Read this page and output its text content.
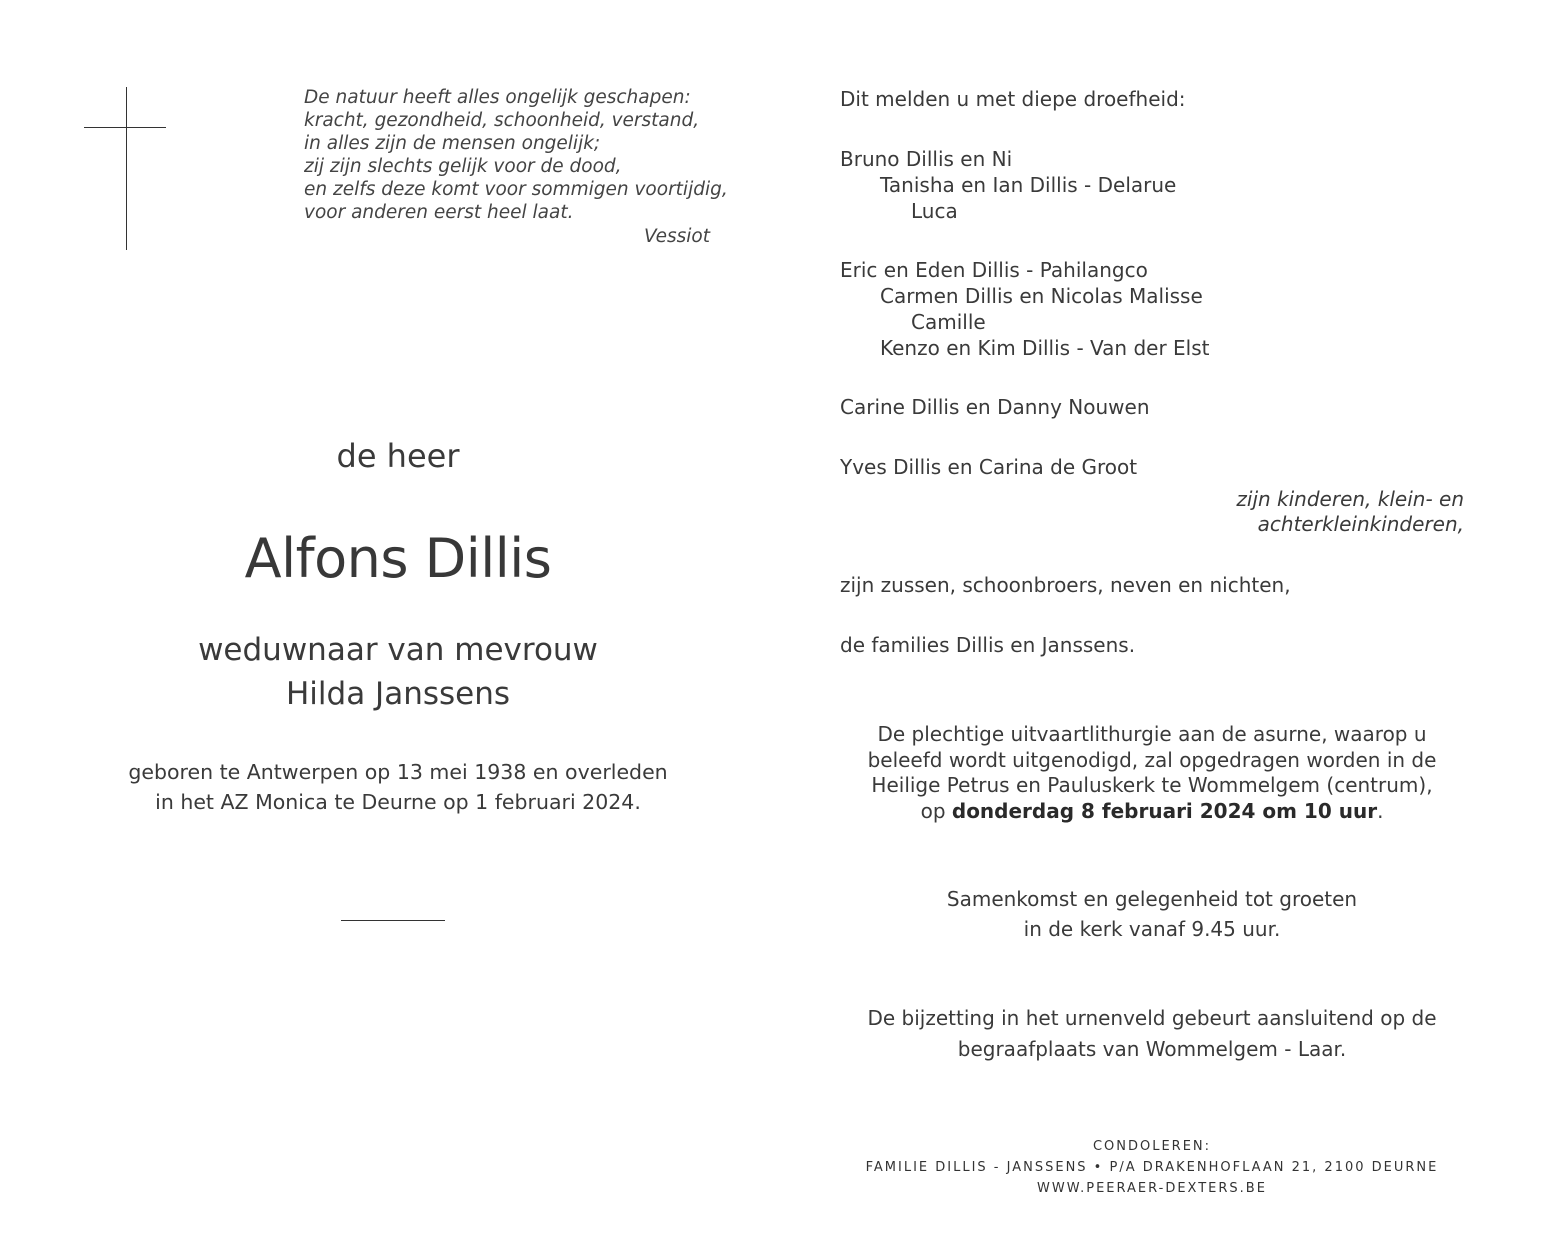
De natuur heeft alles ongelijk geschapen:
kracht, gezondheid, schoonheid, verstand,
in alles zijn de mensen ongelijk;
zij zijn slechts gelijk voor de dood,
en zelfs deze komt voor sommigen voortijdig,
voor anderen eerst heel laat.
Vessiot
de heer
Alfons Dillis
weduwnaar van mevrouw
Hilda Janssens
geboren te Antwerpen op 13 mei 1938 en overleden
in het AZ Monica te Deurne op 1 februari 2024.
Dit melden u met diepe droefheid:
Bruno Dillis en Ni
Tanisha en Ian Dillis - Delarue
Luca
Eric en Eden Dillis - Pahilangco
Carmen Dillis en Nicolas Malisse
Camille
Kenzo en Kim Dillis - Van der Elst
Carine Dillis en Danny Nouwen
Yves Dillis en Carina de Groot
zijn kinderen, klein- en
achterkleinkinderen,
zijn zussen, schoonbroers, neven en nichten,
de families Dillis en Janssens.
De plechtige uitvaartlithurgie aan de asurne, waarop u
beleefd wordt uitgenodigd, zal opgedragen worden in de
Heilige Petrus en Pauluskerk te Wommelgem (centrum),
op donderdag 8 februari 2024 om 10 uur.
Samenkomst en gelegenheid tot groeten
in de kerk vanaf 9.45 uur.
De bijzetting in het urnenveld gebeurt aansluitend op de
begraafplaats van Wommelgem - Laar.
CONDOLEREN:
FAMILIE DILLIS - JANSSENS • P/A DRAKENHOFLAAN 21, 2100 DEURNE
WWW.PEERAER-DEXTERS.BE
